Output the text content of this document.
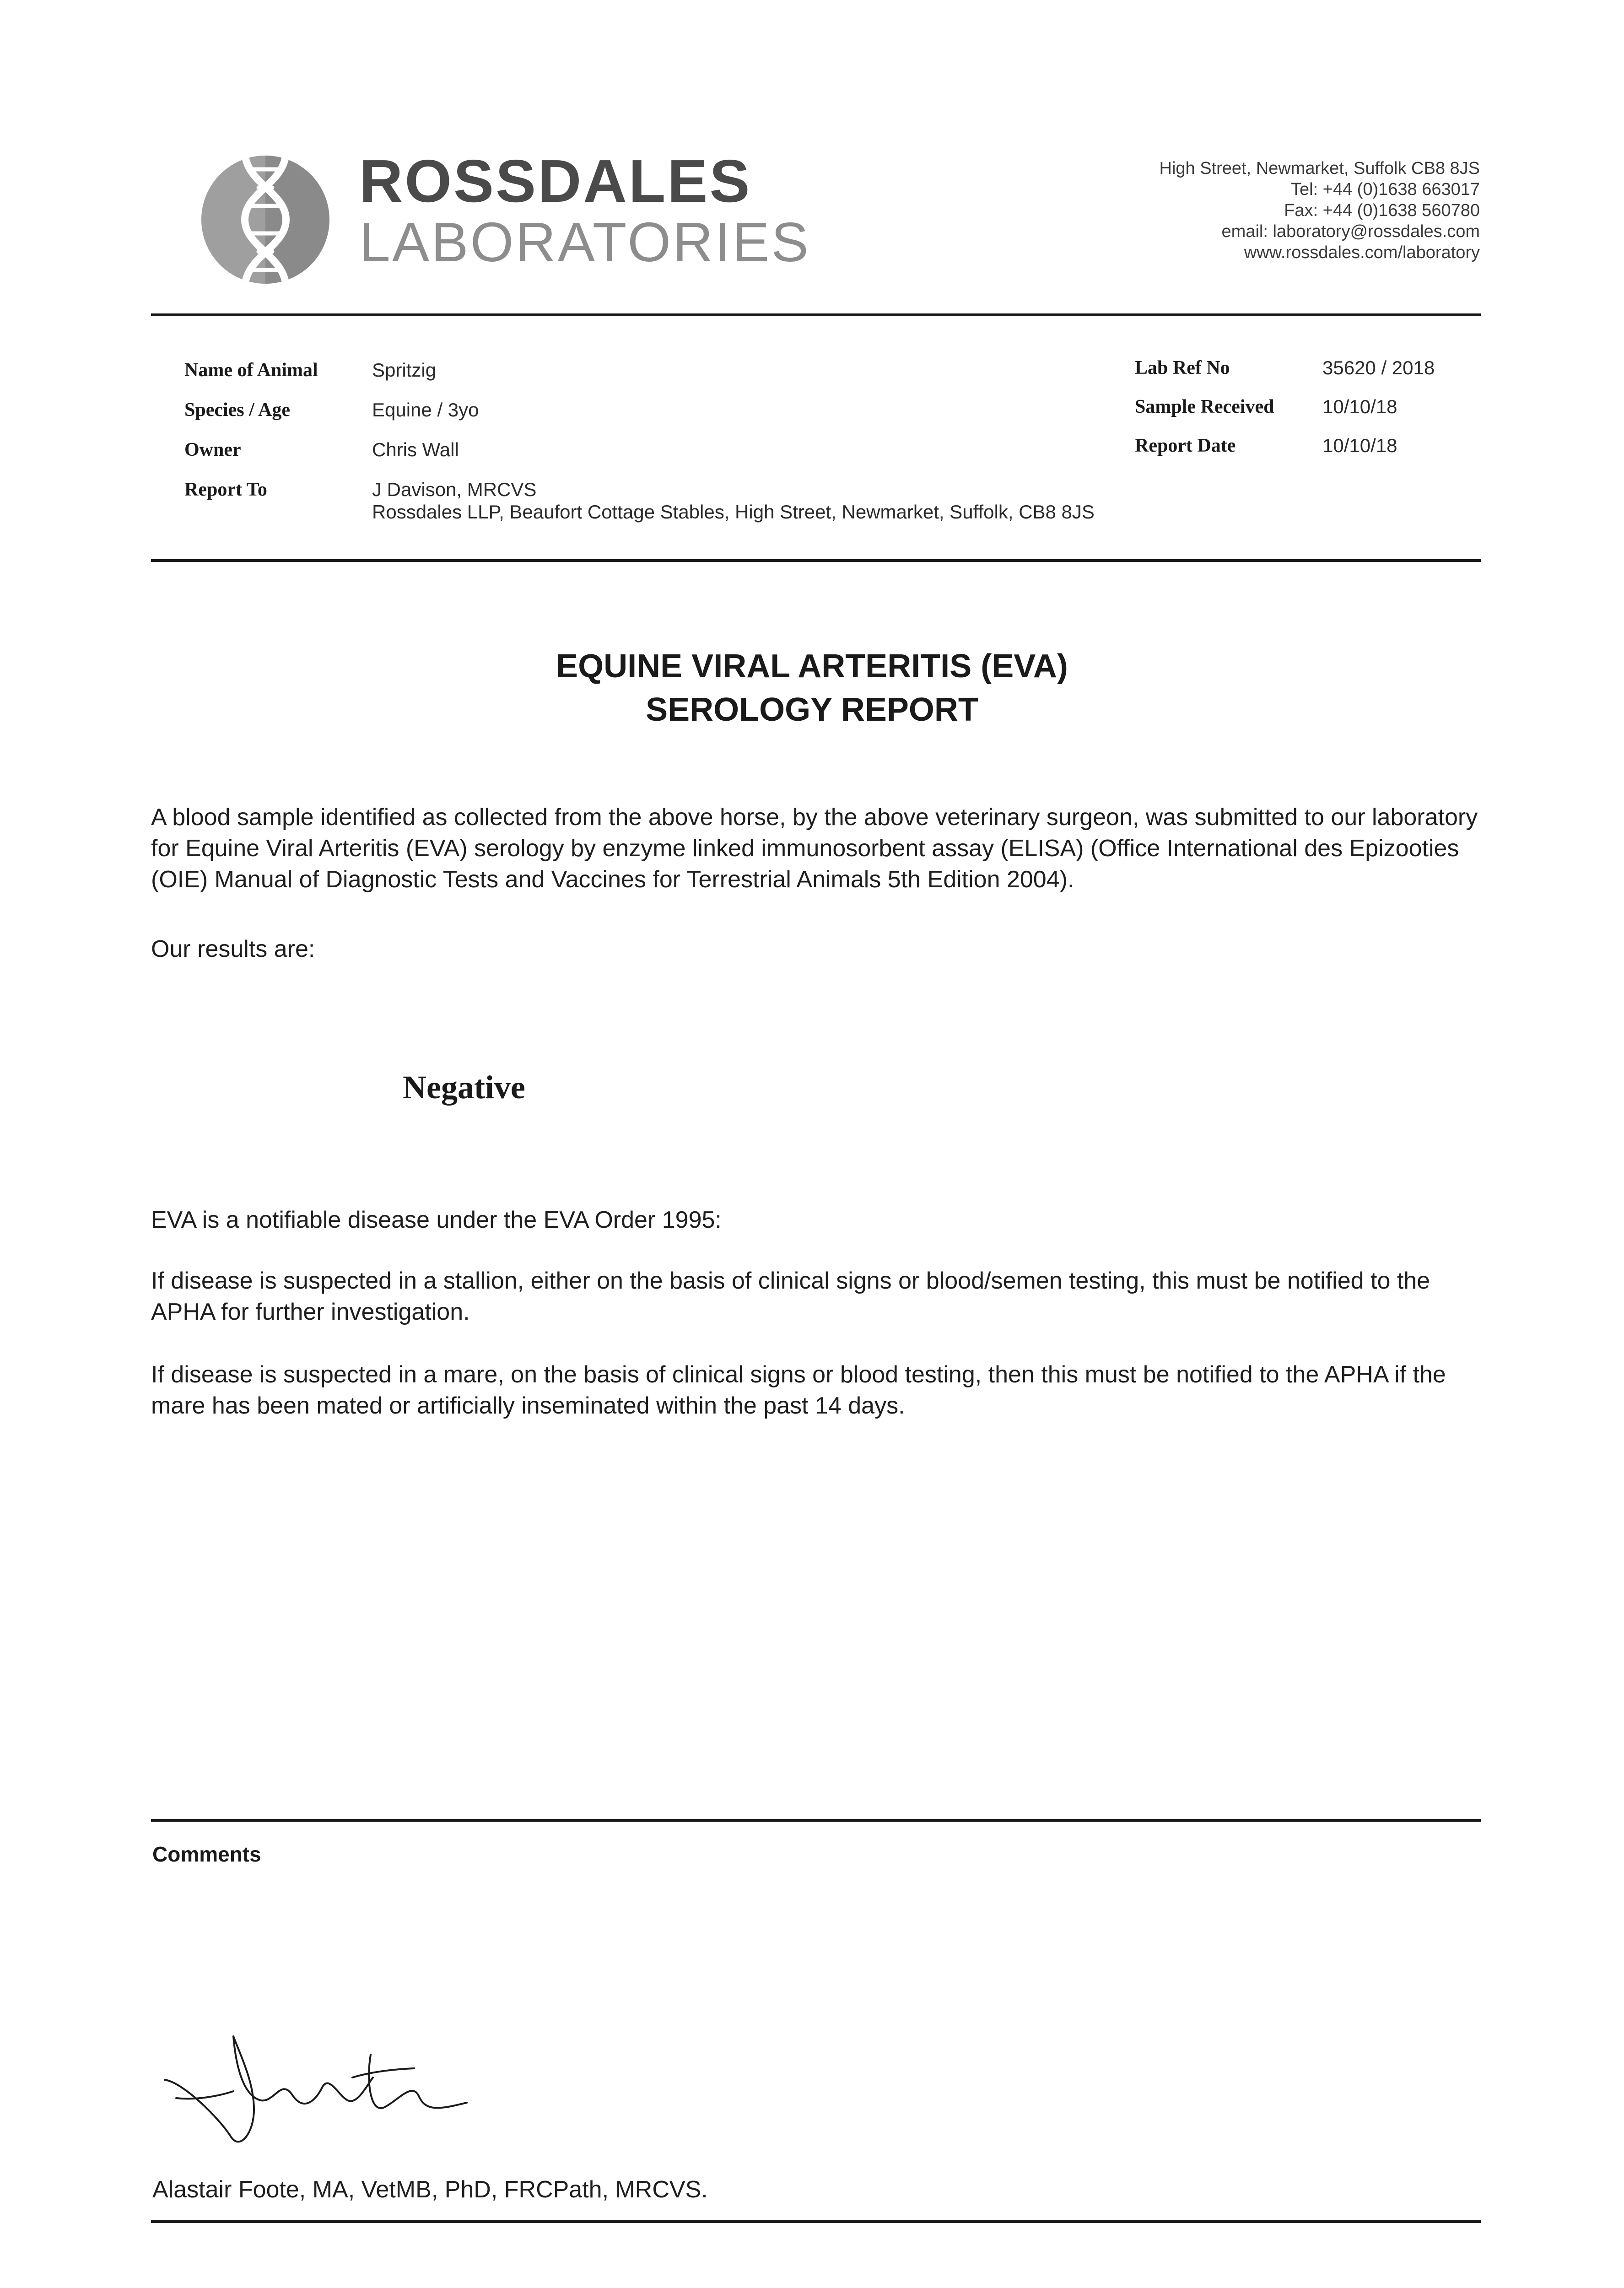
ROSSDALES
LABORATORIES
High Street, Newmarket, Suffolk CB8 8JS
Tel: +44 (0)1638 663017
Fax: +44 (0)1638 560780
email: laboratory@rossdales.com
www.rossdales.com/laboratory
Name of Animal	Spritzig
Species / Age	Equine / 3yo
Owner	Chris Wall
Report To	J Davison, MRCVS
Rossdales LLP, Beaufort Cottage Stables, High Street, Newmarket, Suffolk, CB8 8JS
Lab Ref No	35620 / 2018
Sample Received	10/10/18
Report Date	10/10/18
EQUINE VIRAL ARTERITIS (EVA)
SEROLOGY REPORT
A blood sample identified as collected from the above horse, by the above veterinary surgeon, was submitted to our laboratory for Equine Viral Arteritis (EVA) serology by enzyme linked immunosorbent assay (ELISA) (Office International des Epizooties (OIE) Manual of Diagnostic Tests and Vaccines for Terrestrial Animals 5th Edition 2004).
Our results are:
Negative
EVA is a notifiable disease under the EVA Order 1995:
If disease is suspected in a stallion, either on the basis of clinical signs or blood/semen testing, this must be notified to the APHA for further investigation.
If disease is suspected in a mare, on the basis of clinical signs or blood testing, then this must be notified to the APHA if the mare has been mated or artificially inseminated within the past 14 days.
Comments
Alastair Foote, MA, VetMB, PhD, FRCPath, MRCVS.
